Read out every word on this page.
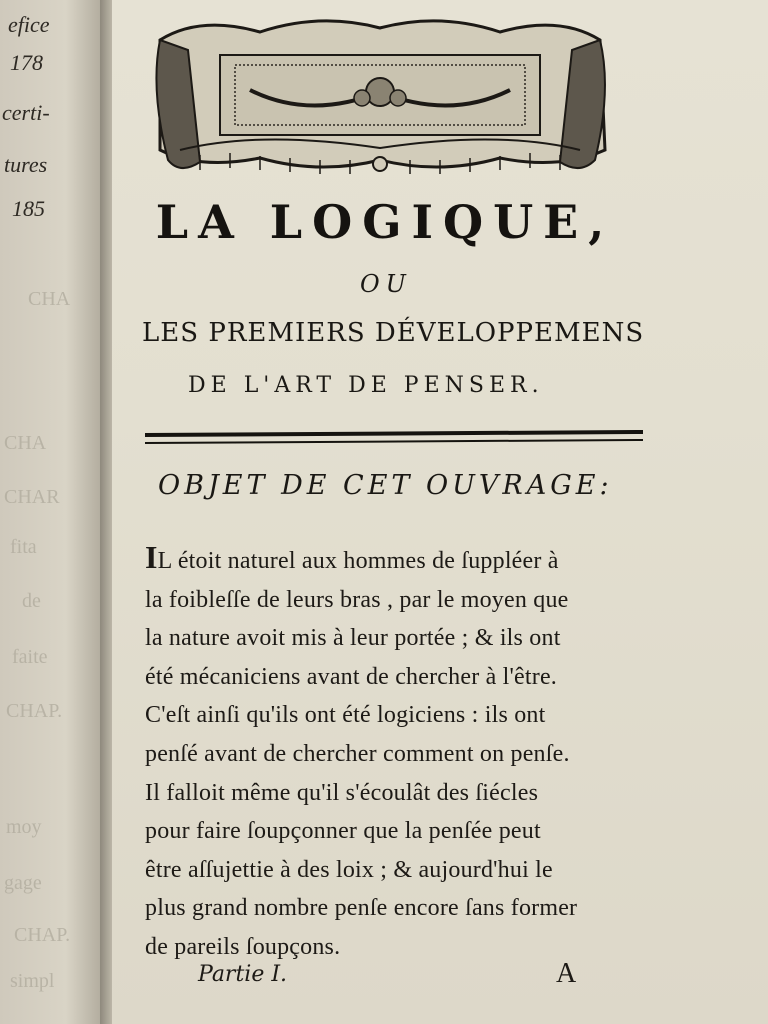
efice
178
certi-
tures
185
CHA
CHA
CHAR
fita
de
faite
CHAP.
moy
gage
CHAP.
simpl
LA LOGIQUE,
OU
LES PREMIERS DÉVELOPPEMENS
DE L'ART DE PENSER.
OBJET DE CET OUVRAGE:
IL étoit naturel aux hommes de ſuppléer à
la foibleſſe de leurs bras , par le moyen que
la nature avoit mis à leur portée ; & ils ont
été mécaniciens avant de chercher à l'être.
C'eſt ainſi qu'ils ont été logiciens : ils ont
penſé avant de chercher comment on penſe.
Il falloit même qu'il s'écoulât des ſiécles
pour faire ſoupçonner que la penſée peut
être aſſujettie à des loix ; & aujourd'hui le
plus grand nombre penſe encore ſans former
de pareils ſoupçons.
Partie I.	A
